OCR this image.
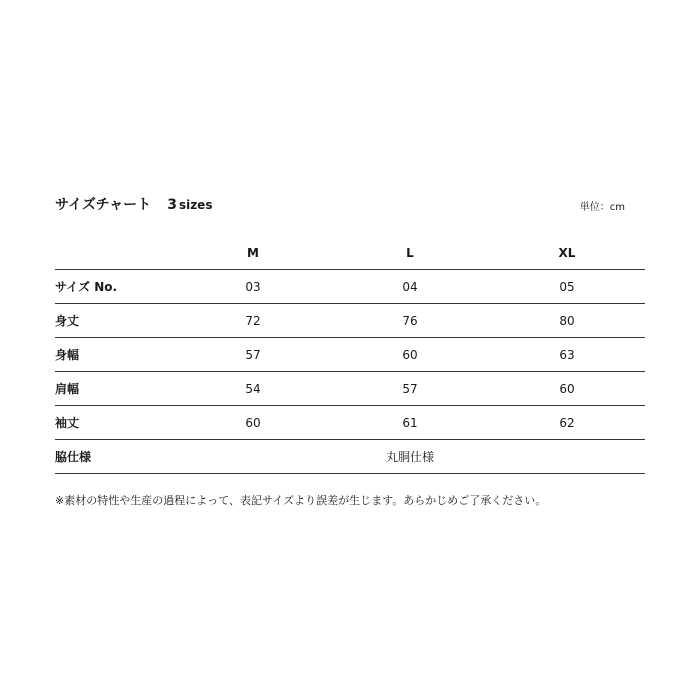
サイズチャート 3 sizes	単位：cm
	M	L	XL
サイズ No.	03	04	05
身丈	72	76	80
身幅	57	60	63
肩幅	54	57	60
袖丈	60	61	62
脇仕様	丸胴仕様		
※素材の特性や生産の過程によって、表記サイズより誤差が生じます。あらかじめご了承ください。
